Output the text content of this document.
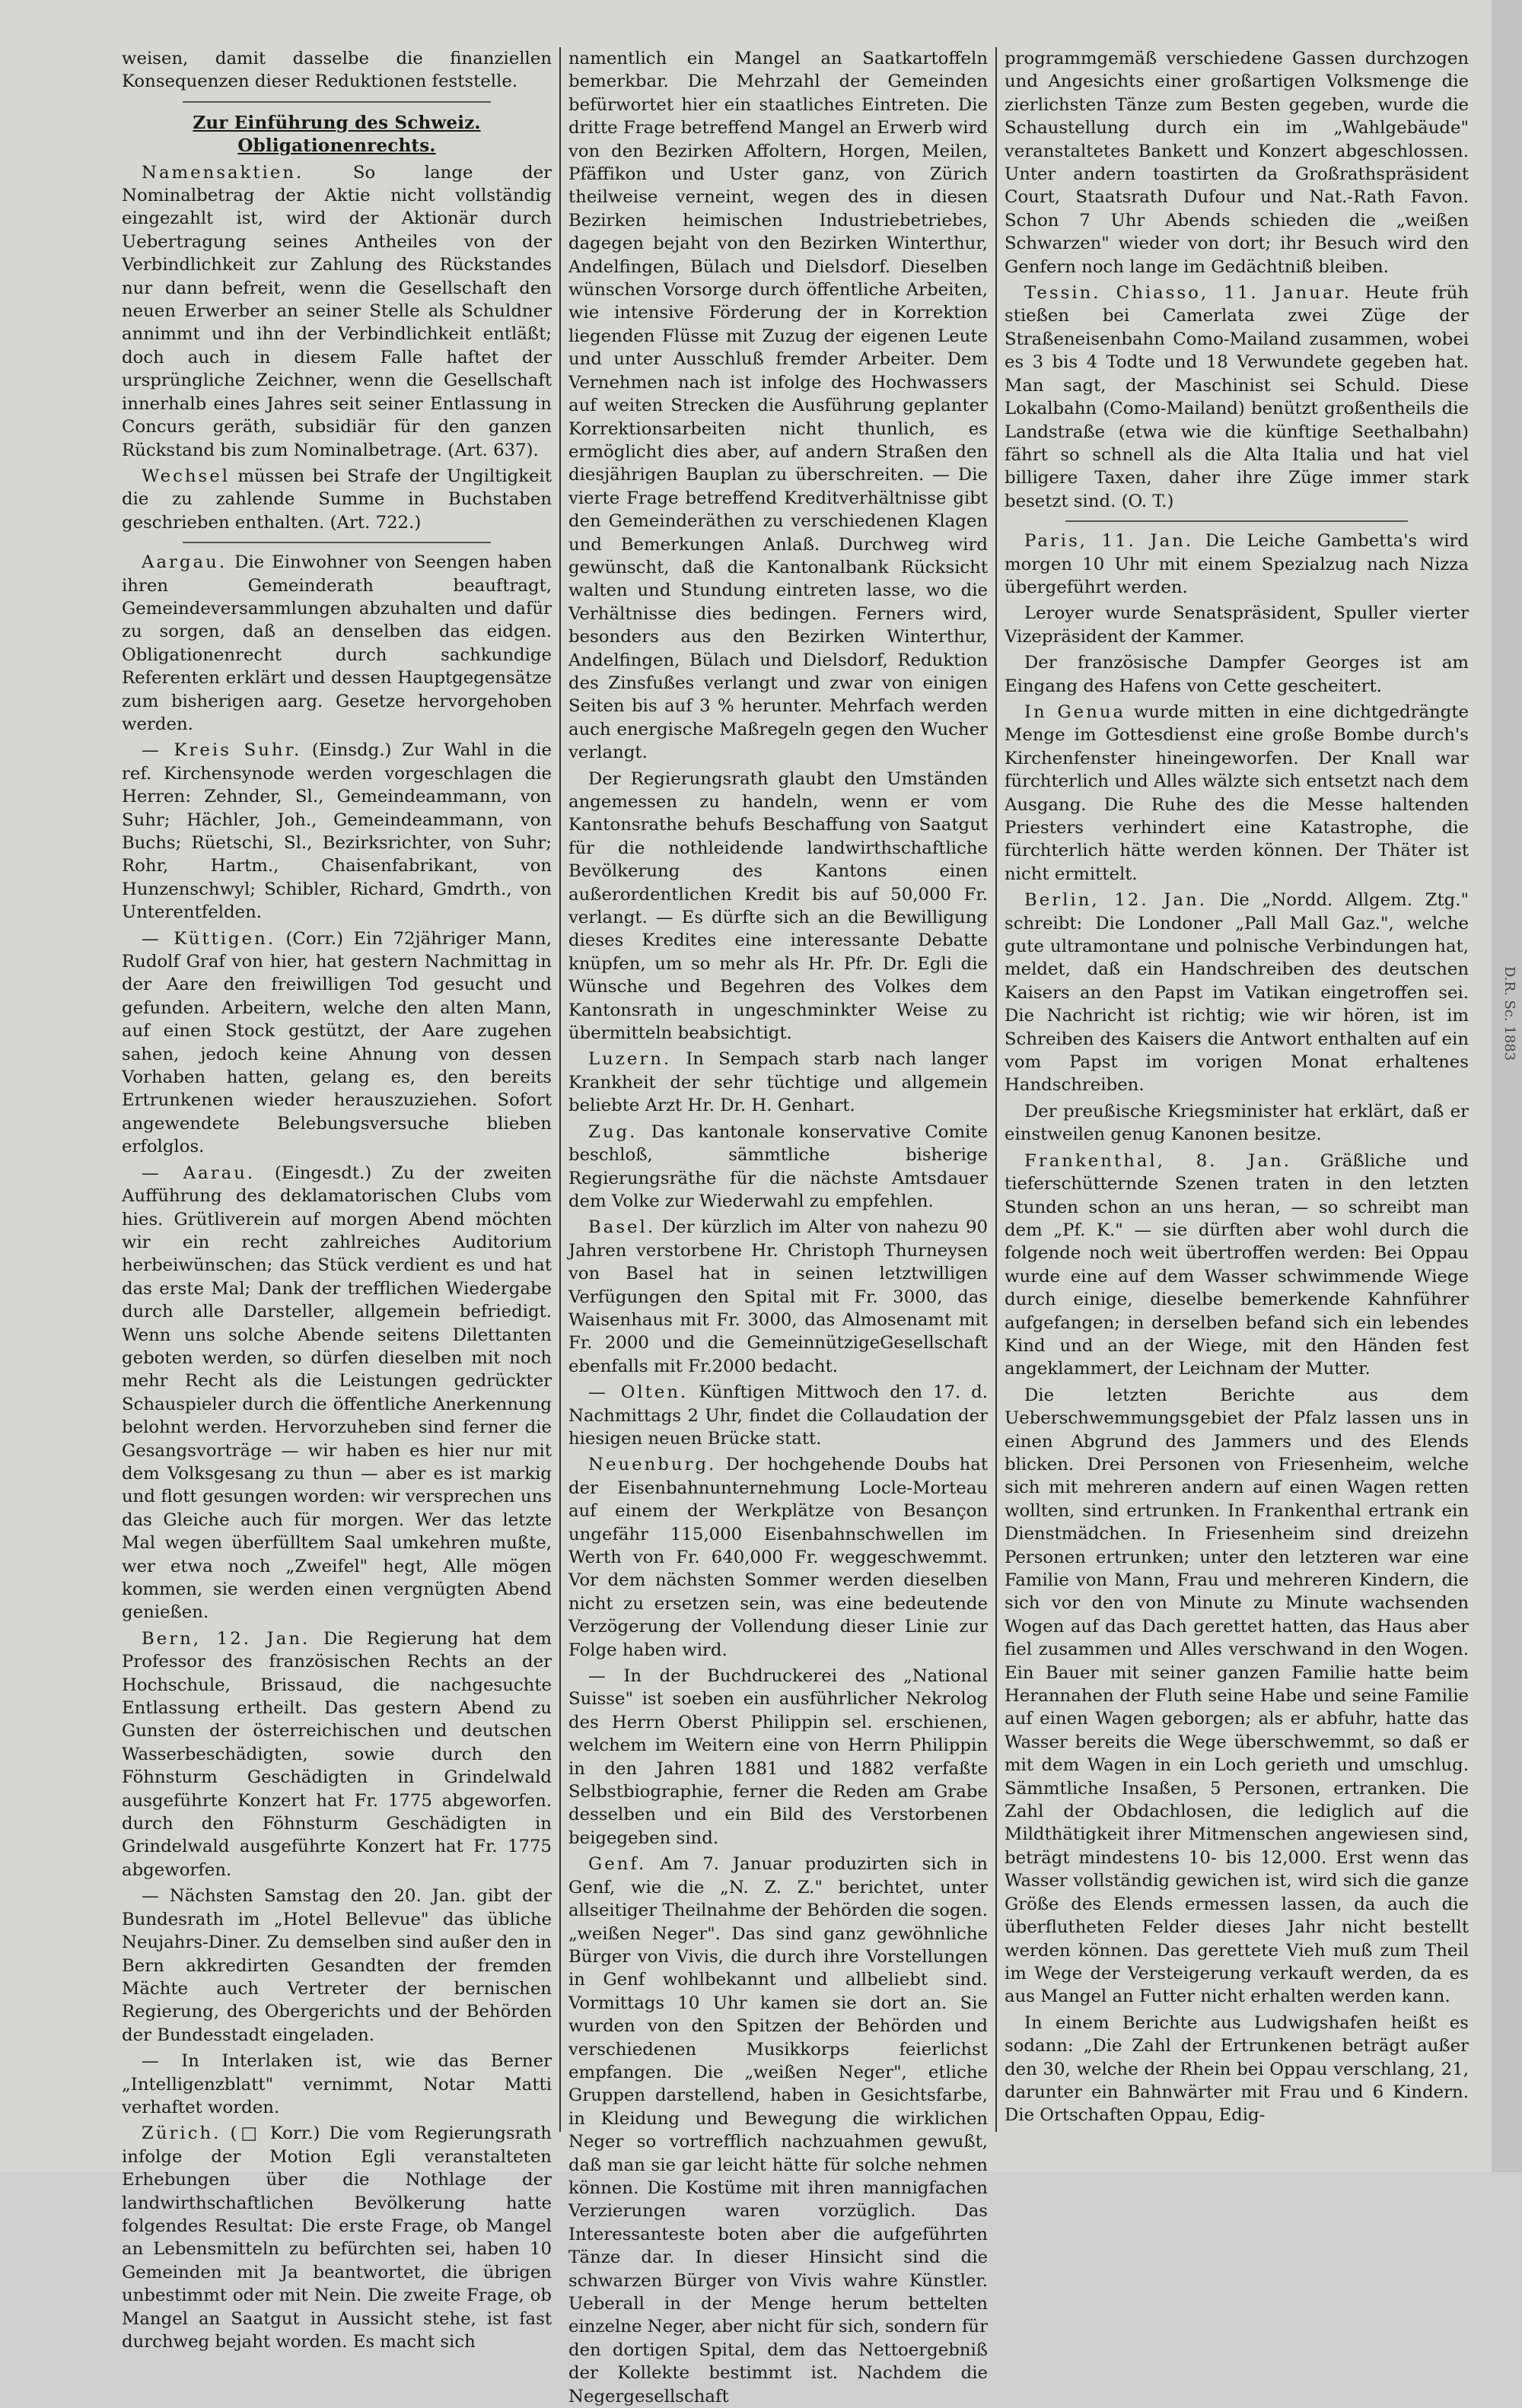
weisen, damit dasselbe die finanziellen Konsequenzen dieser Reduktionen feststelle.

Zur Einführung des Schweiz. Obligationenrechts.

Namensaktien.	So lange der Nominalbetrag der Aktie nicht vollständig eingezahlt ist, wird der Aktionär durch Uebertragung seines Antheiles von der Verbindlichkeit zur Zahlung des Rückstandes nur dann befreit, wenn die Gesellschaft den neuen Erwerber an seiner Stelle als Schuldner annimmt und ihn der Verbindlichkeit entläßt; doch auch in diesem Falle haftet der ursprüngliche Zeichner, wenn die Gesellschaft innerhalb eines Jahres seit seiner Entlassung in Concurs geräth, subsidiär für den ganzen Rückstand bis zum Nominalbetrage. (Art. 637).

Wechsel müssen bei Strafe der Ungiltigkeit die zu zahlende Summe in Buchstaben geschrieben enthalten. (Art. 722.)

Aargau. Die Einwohner von Seengen haben ihren Gemeinderath beauftragt, Gemeindeversammlungen abzuhalten und dafür zu sorgen, daß an denselben das eidgen. Obligationenrecht durch sachkundige Referenten erklärt und dessen Hauptgegensätze zum bisherigen aarg. Gesetze hervorgehoben werden.

— Kreis Suhr. (Einsdg.) Zur Wahl in die ref. Kirchensynode werden vorgeschlagen die Herren: Zehnder, Sl., Gemeindeammann, von Suhr; Hächler, Joh., Gemeindeammann, von Buchs; Rüetschi, Sl., Bezirksrichter, von Suhr; Rohr, Hartm., Chaisenfabrikant, von Hunzenschwyl; Schibler, Richard, Gmdrth., von Unterentfelden.

— Küttigen. (Corr.) Ein 72jähriger Mann, Rudolf Graf von hier, hat gestern Nachmittag in der Aare den freiwilligen Tod gesucht und gefunden. Arbeitern, welche den alten Mann, auf einen Stock gestützt, der Aare zugehen sahen, jedoch keine Ahnung von dessen Vorhaben hatten, gelang es, den bereits Ertrunkenen wieder herauszuziehen. Sofort angewendete Belebungsversuche blieben erfolglos.

— Aarau. (Eingesdt.) Zu der zweiten Aufführung des deklamatorischen Clubs vom hies. Grütliverein auf morgen Abend möchten wir ein recht zahlreiches Auditorium herbeiwünschen; das Stück verdient es und hat das erste Mal; Dank der trefflichen Wiedergabe durch alle Darsteller, allgemein befriedigt. Wenn uns solche Abende seitens Dilettanten geboten werden, so dürfen dieselben mit noch mehr Recht als die Leistungen gedrückter Schauspieler durch die öffentliche Anerkennung belohnt werden. Hervorzuheben sind ferner die Gesangsvorträge — wir haben es hier nur mit dem Volksgesang zu thun — aber es ist markig und flott gesungen worden: wir versprechen uns das Gleiche auch für morgen. Wer das letzte Mal wegen überfülltem Saal umkehren mußte, wer etwa noch „Zweifel" hegt, Alle mögen kommen, sie werden einen vergnügten Abend genießen.

Bern, 12. Jan. Die Regierung hat dem Professor des französischen Rechts an der Hochschule, Brissaud, die nachgesuchte Entlassung ertheilt. Das gestern Abend zu Gunsten der österreichischen und deutschen Wasserbeschädigten, sowie durch den Föhnsturm Geschädigten in Grindelwald ausgeführte Konzert hat Fr. 1775 abgeworfen. durch den Föhnsturm Geschädigten in Grindelwald ausgeführte Konzert hat Fr. 1775 abgeworfen.

— Nächsten Samstag den 20. Jan. gibt der Bundesrath im „Hotel Bellevue" das übliche Neujahrs-Diner. Zu demselben sind außer den in Bern akkredirten Gesandten der fremden Mächte auch Vertreter der bernischen Regierung, des Obergerichts und der Behörden der Bundesstadt eingeladen.

— In Interlaken ist, wie das Berner „Intelligenzblatt" vernimmt, Notar Matti verhaftet worden.

Zürich. (□ Korr.) Die vom Regierungsrath infolge der Motion Egli veranstalteten Erhebungen über die Nothlage der landwirthschaftlichen Bevölkerung hatte folgendes Resultat: Die erste Frage, ob Mangel an Lebensmitteln zu befürchten sei, haben 10 Gemeinden mit Ja beantwortet, die übrigen unbestimmt oder mit Nein. Die zweite Frage, ob Mangel an Saatgut in Aussicht stehe, ist fast durchweg bejaht worden. Es macht sich

namentlich ein Mangel an Saatkartoffeln bemerkbar. Die Mehrzahl der Gemeinden befürwortet hier ein staatliches Eintreten. Die dritte Frage betreffend Mangel an Erwerb wird von den Bezirken Affoltern, Horgen, Meilen, Pfäffikon und Uster ganz, von Zürich theilweise verneint, wegen des in diesen Bezirken heimischen Industriebetriebes, dagegen bejaht von den Bezirken Winterthur, Andelfingen, Bülach und Dielsdorf. Dieselben wünschen Vorsorge durch öffentliche Arbeiten, wie intensive Förderung der in Korrektion liegenden Flüsse mit Zuzug der eigenen Leute und unter Ausschluß fremder Arbeiter. Dem Vernehmen nach ist infolge des Hochwassers auf weiten Strecken die Ausführung geplanter Korrektionsarbeiten nicht thunlich, es ermöglicht dies aber, auf andern Straßen den diesjährigen Bauplan zu überschreiten. — Die vierte Frage betreffend Kreditverhältnisse gibt den Gemeinderäthen zu verschiedenen Klagen und Bemerkungen Anlaß. Durchweg wird gewünscht, daß die Kantonalbank Rücksicht walten und Stundung eintreten lasse, wo die Verhältnisse dies bedingen. Ferners wird, besonders aus den Bezirken Winterthur, Andelfingen, Bülach und Dielsdorf, Reduktion des Zinsfußes verlangt und zwar von einigen Seiten bis auf 3 % herunter. Mehrfach werden auch energische Maßregeln gegen den Wucher verlangt.

Der Regierungsrath glaubt den Umständen angemessen zu handeln, wenn er vom Kantonsrathe behufs Beschaffung von Saatgut für die nothleidende landwirthschaftliche Bevölkerung des Kantons einen außerordentlichen Kredit bis auf 50,000 Fr. verlangt. — Es dürfte sich an die Bewilligung dieses Kredites eine interessante Debatte knüpfen, um so mehr als Hr. Pfr. Dr. Egli die Wünsche und Begehren des Volkes dem Kantonsrath in ungeschminkter Weise zu übermitteln beabsichtigt.

Luzern. In Sempach starb nach langer Krankheit der sehr tüchtige und allgemein beliebte Arzt Hr. Dr. H. Genhart.

Zug. Das kantonale konservative Comite beschloß, sämmtliche bisherige Regierungsräthe für die nächste Amtsdauer dem Volke zur Wiederwahl zu empfehlen.

Basel. Der kürzlich im Alter von nahezu 90 Jahren verstorbene Hr. Christoph Thurneysen von Basel hat in seinen letztwilligen Verfügungen den Spital mit Fr. 3000, das Waisenhaus mit Fr. 3000, das Almosenamt mit Fr. 2000 und die GemeinnützigeGesellschaft ebenfalls mit Fr.2000 bedacht.

— Olten. Künftigen Mittwoch den 17. d. Nachmittags 2 Uhr, findet die Collaudation der hiesigen neuen Brücke statt.

Neuenburg. Der hochgehende Doubs hat der Eisenbahnunternehmung Locle-Morteau auf einem der Werkplätze von Besançon ungefähr 115,000 Eisenbahnschwellen im Werth von Fr. 640,000 Fr. weggeschwemmt. Vor dem nächsten Sommer werden dieselben nicht zu ersetzen sein, was eine bedeutende Verzögerung der Vollendung dieser Linie zur Folge haben wird.

— In der Buchdruckerei des „National Suisse" ist soeben ein ausführlicher Nekrolog des Herrn Oberst Philippin sel. erschienen, welchem im Weitern eine von Herrn Philippin in den Jahren 1881 und 1882 verfaßte Selbstbiographie, ferner die Reden am Grabe desselben und ein Bild des Verstorbenen beigegeben sind.

Genf. Am 7. Januar produzirten sich in Genf, wie die „N. Z. Z." berichtet, unter allseitiger Theilnahme der Behörden die sogen. „weißen Neger". Das sind ganz gewöhnliche Bürger von Vivis, die durch ihre Vorstellungen in Genf wohlbekannt und allbeliebt sind. Vormittags 10 Uhr kamen sie dort an. Sie wurden von den Spitzen der Behörden und verschiedenen Musikkorps feierlichst empfangen. Die „weißen Neger", etliche Gruppen darstellend, haben in Gesichtsfarbe, in Kleidung und Bewegung die wirklichen Neger so vortrefflich nachzuahmen gewußt, daß man sie gar leicht hätte für solche nehmen können. Die Kostüme mit ihren mannigfachen Verzierungen waren vorzüglich. Das Interessanteste boten aber die aufgeführten Tänze dar. In dieser Hinsicht sind die schwarzen Bürger von Vivis wahre Künstler. Ueberall in der Menge herum bettelten einzelne Neger, aber nicht für sich, sondern für den dortigen Spital, dem das Nettoergebniß der Kollekte bestimmt ist. Nachdem die Negergesellschaft

programmgemäß verschiedene Gassen durchzogen und Angesichts einer großartigen Volksmenge die zierlichsten Tänze zum Besten gegeben, wurde die Schaustellung durch ein im „Wahlgebäude" veranstaltetes Bankett und Konzert abgeschlossen. Unter andern toastirten da Großrathspräsident Court, Staatsrath Dufour und Nat.-Rath Favon. Schon 7 Uhr Abends schieden die „weißen Schwarzen" wieder von dort; ihr Besuch wird den Genfern noch lange im Gedächtniß bleiben.

Tessin. Chiasso, 11. Januar. Heute früh stießen bei Camerlata zwei Züge der Straßeneisenbahn Como-Mailand zusammen, wobei es 3 bis 4 Todte und 18 Verwundete gegeben hat. Man sagt, der Maschinist sei Schuld. Diese Lokalbahn (Como-Mailand) benützt großentheils die Landstraße (etwa wie die künftige Seethalbahn) fährt so schnell als die Alta Italia und hat viel billigere Taxen, daher ihre Züge immer stark besetzt sind. (O. T.)

Paris, 11. Jan. Die Leiche Gambetta's wird morgen 10 Uhr mit einem Spezialzug nach Nizza übergeführt werden.

Leroyer wurde Senatspräsident, Spuller vierter Vizepräsident der Kammer.

Der französische Dampfer Georges ist am Eingang des Hafens von Cette gescheitert.

In Genua wurde mitten in eine dichtgedrängte Menge im Gottesdienst eine große Bombe durch's Kirchenfenster hineingeworfen. Der Knall war fürchterlich und Alles wälzte sich entsetzt nach dem Ausgang. Die Ruhe des die Messe haltenden Priesters verhindert eine Katastrophe, die fürchterlich hätte werden können. Der Thäter ist nicht ermittelt.

Berlin, 12. Jan. Die „Nordd. Allgem. Ztg." schreibt: Die Londoner „Pall Mall Gaz.", welche gute ultramontane und polnische Verbindungen hat, meldet, daß ein Handschreiben des deutschen Kaisers an den Papst im Vatikan eingetroffen sei. Die Nachricht ist richtig; wie wir hören, ist im Schreiben des Kaisers die Antwort enthalten auf ein vom Papst im vorigen Monat erhaltenes Handschreiben.

Der preußische Kriegsminister hat erklärt, daß er einstweilen genug Kanonen besitze.

Frankenthal, 8. Jan. Gräßliche und tieferschütternde Szenen traten in den letzten Stunden schon an uns heran, — so schreibt man dem „Pf. K." — sie dürften aber wohl durch die folgende noch weit übertroffen werden: Bei Oppau wurde eine auf dem Wasser schwimmende Wiege durch einige, dieselbe bemerkende Kahnführer aufgefangen; in derselben befand sich ein lebendes Kind und an der Wiege, mit den Händen fest angeklammert, der Leichnam der Mutter.

Die letzten Berichte aus dem Ueberschwemmungsgebiet der Pfalz lassen uns in einen Abgrund des Jammers und des Elends blicken. Drei Personen von Friesenheim, welche sich mit mehreren andern auf einen Wagen retten wollten, sind ertrunken. In Frankenthal ertrank ein Dienstmädchen. In Friesenheim sind dreizehn Personen ertrunken; unter den letzteren war eine Familie von Mann, Frau und mehreren Kindern, die sich vor den von Minute zu Minute wachsenden Wogen auf das Dach gerettet hatten, das Haus aber fiel zusammen und Alles verschwand in den Wogen. Ein Bauer mit seiner ganzen Familie hatte beim Herannahen der Fluth seine Habe und seine Familie auf einen Wagen geborgen; als er abfuhr, hatte das Wasser bereits die Wege überschwemmt, so daß er mit dem Wagen in ein Loch gerieth und umschlug. Sämmtliche Insaßen, 5 Personen, ertranken. Die Zahl der Obdachlosen, die lediglich auf die Mildthätigkeit ihrer Mitmenschen angewiesen sind, beträgt mindestens 10- bis 12,000. Erst wenn das Wasser vollständig gewichen ist, wird sich die ganze Größe des Elends ermessen lassen, da auch die überflutheten Felder dieses Jahr nicht bestellt werden können. Das gerettete Vieh muß zum Theil im Wege der Versteigerung verkauft werden, da es aus Mangel an Futter nicht erhalten werden kann.

In einem Berichte aus Ludwigshafen heißt es sodann: „Die Zahl der Ertrunkenen beträgt außer den 30, welche der Rhein bei Oppau verschlang, 21, darunter ein Bahnwärter mit Frau und 6 Kindern. Die Ortschaften Oppau, Edig-

D.R. Sc. 1883
